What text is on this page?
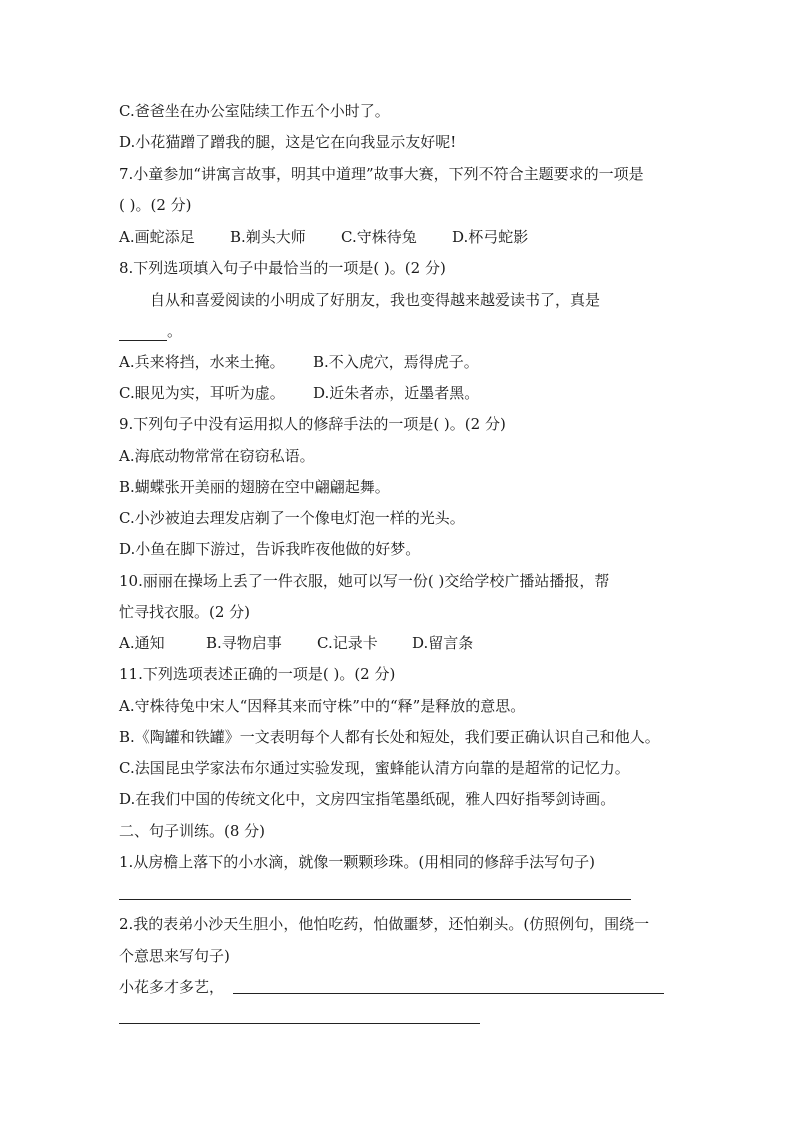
C.爸爸坐在办公室陆续工作五个小时了。
D.小花猫蹭了蹭我的腿，这是它在向我显示友好呢!
7.小童参加“讲寓言故事，明其中道理”故事大赛，下列不符合主题要求的一项是
( )。(2 分)
A.画蛇添足	B.剃头大师	C.守株待兔	D.杯弓蛇影
8.下列选项填入句子中最恰当的一项是( )。(2 分)
自从和喜爱阅读的小明成了好朋友，我也变得越来越爱读书了，真是
。
A.兵来将挡，水来土掩。	B.不入虎穴，焉得虎子。
C.眼见为实，耳听为虚。	D.近朱者赤，近墨者黑。
9.下列句子中没有运用拟人的修辞手法的一项是( )。(2 分)
A.海底动物常常在窃窃私语。
B.蝴蝶张开美丽的翅膀在空中翩翩起舞。
C.小沙被迫去理发店剃了一个像电灯泡一样的光头。
D.小鱼在脚下游过，告诉我昨夜他做的好梦。
10.丽丽在操场上丢了一件衣服，她可以写一份( )交给学校广播站播报，帮
忙寻找衣服。(2 分)
A.通知	B.寻物启事	C.记录卡	D.留言条
11.下列选项表述正确的一项是( )。(2 分)
A.守株待兔中宋人“因释其来而守株”中的“释”是释放的意思。
B.《陶罐和铁罐》一文表明每个人都有长处和短处，我们要正确认识自己和他人。
C.法国昆虫学家法布尔通过实验发现，蜜蜂能认清方向靠的是超常的记忆力。
D.在我们中国的传统文化中，文房四宝指笔墨纸砚，雅人四好指琴剑诗画。
二、句子训练。(8 分)
1.从房檐上落下的小水滴，就像一颗颗珍珠。(用相同的修辞手法写句子)
2.我的表弟小沙天生胆小，他怕吃药，怕做噩梦，还怕剃头。(仿照例句，围绕一
个意思来写句子)
小花多才多艺，
